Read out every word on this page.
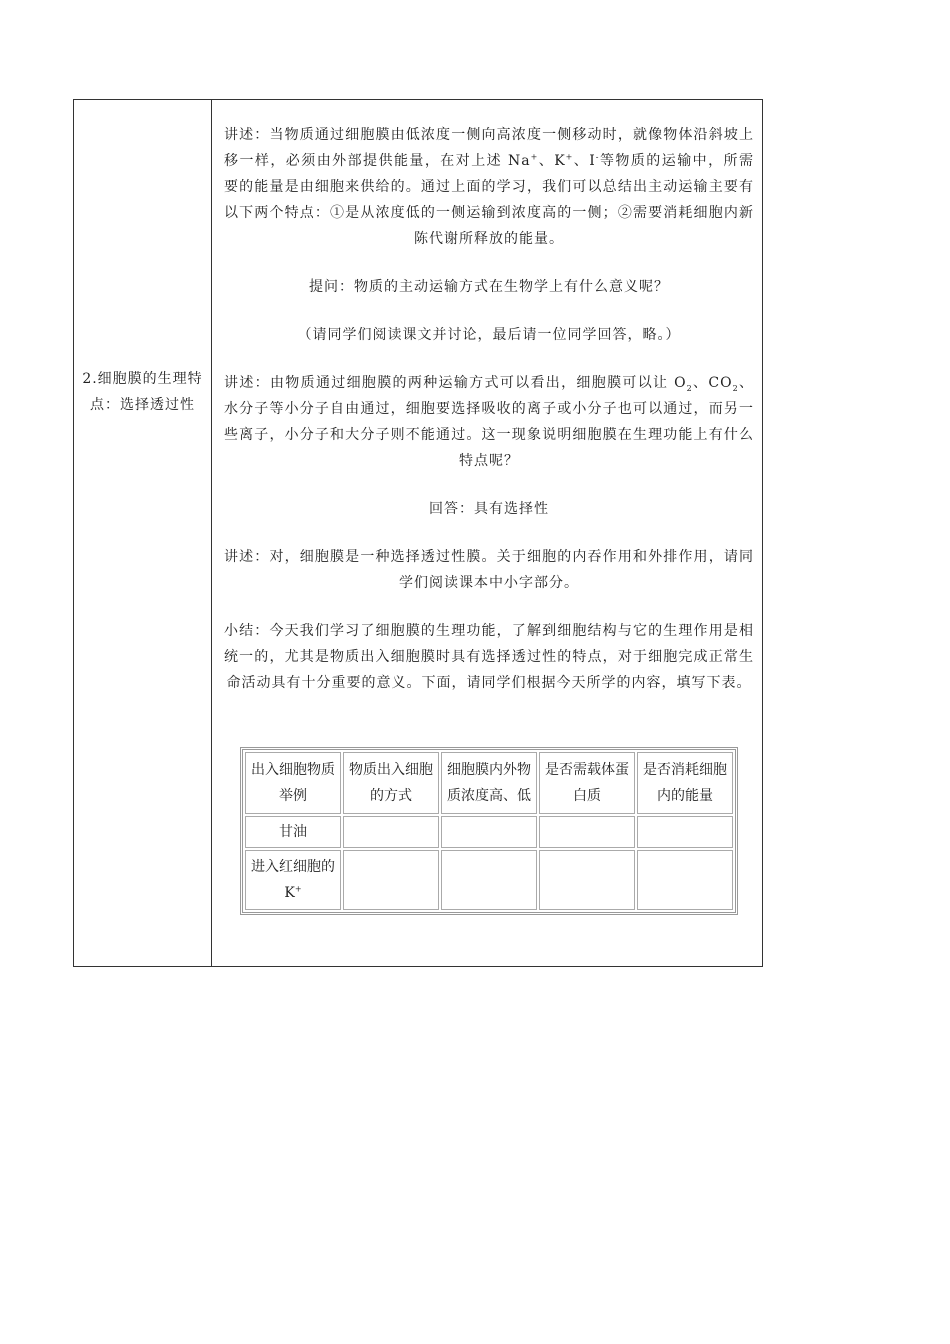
2.细胞膜的生理特点：选择透过性

讲述：当物质通过细胞膜由低浓度一侧向高浓度一侧移动时，就像物体沿斜坡上移一样，必须由外部提供能量，在对上述 Na+、K+、I-等物质的运输中，所需要的能量是由细胞来供给的。通过上面的学习，我们可以总结出主动运输主要有以下两个特点：①是从浓度低的一侧运输到浓度高的一侧；②需要消耗细胞内新陈代谢所释放的能量。

提问：物质的主动运输方式在生物学上有什么意义呢？

（请同学们阅读课文并讨论，最后请一位同学回答，略。）

讲述：由物质通过细胞膜的两种运输方式可以看出，细胞膜可以让 $O_2$、$CO_2$、水分子等小分子自由通过，细胞要选择吸收的离子或小分子也可以通过，而另一些离子，小分子和大分子则不能通过。这一现象说明细胞膜在生理功能上有什么特点呢？

回答：具有选择性

讲述：对，细胞膜是一种选择透过性膜。关于细胞的内吞作用和外排作用，请同学们阅读课本中小字部分。

小结：今天我们学习了细胞膜的生理功能，了解到细胞结构与它的生理作用是相统一的，尤其是物质出入细胞膜时具有选择透过性的特点，对于细胞完成正常生命活动具有十分重要的意义。下面，请同学们根据今天所学的内容，填写下表。

出入细胞物质举例	物质出入细胞的方式	细胞膜内外物质浓度高、低	是否需载体蛋白质	是否消耗细胞内的能量
甘油				
进入红细胞的K+				
